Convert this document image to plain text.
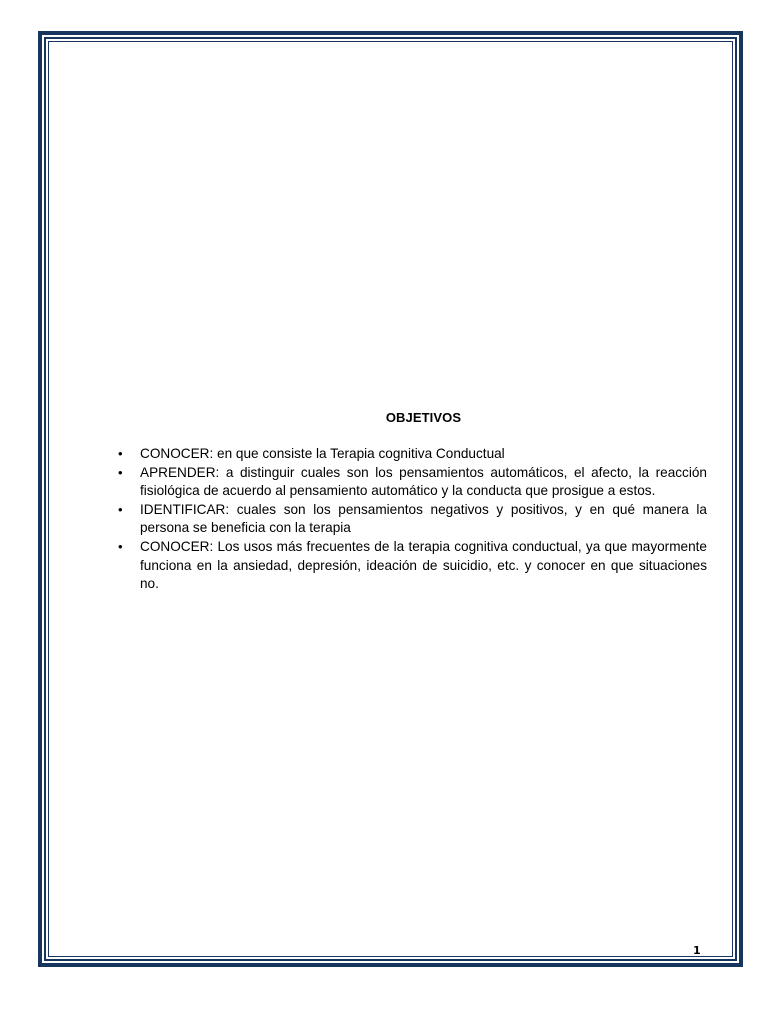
OBJETIVOS
• CONOCER: en que consiste la Terapia cognitiva Conductual
• APRENDER: a distinguir cuales son los pensamientos automáticos, el afecto, la reacción fisiológica de acuerdo al pensamiento automático y la conducta que prosigue a estos.
• IDENTIFICAR: cuales son los pensamientos negativos y positivos, y en qué manera la persona se beneficia con la terapia
• CONOCER: Los usos más frecuentes de la terapia cognitiva conductual, ya que mayormente funciona en la ansiedad, depresión, ideación de suicidio, etc. y conocer en que situaciones no.
1
